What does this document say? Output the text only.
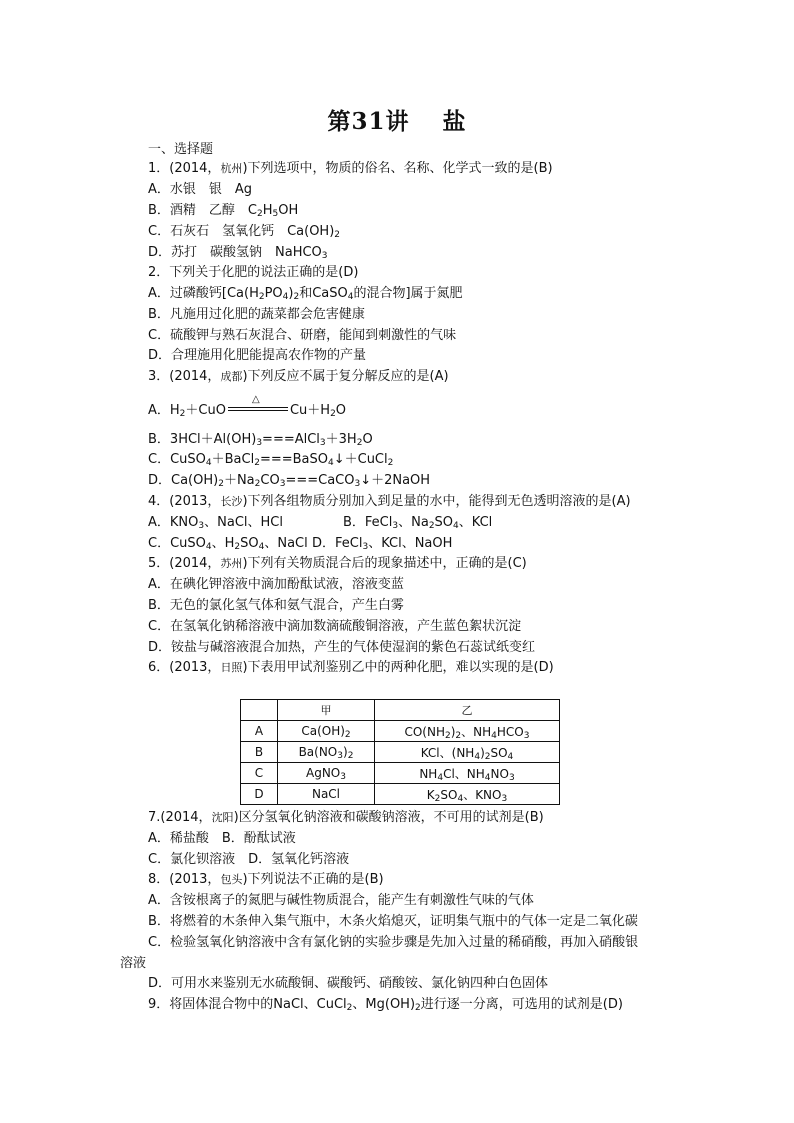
第31讲　 盐
一、选择题
1．(2014，杭州)下列选项中，物质的俗名、名称、化学式一致的是(B)
A．水银　银　Ag
B．酒精　乙醇　$C_2H_5OH$
C．石灰石　氢氧化钙　$Ca(OH)_2$
D．苏打　碳酸氢钠　NaHCO$_3$
2．下列关于化肥的说法正确的是(D)
A．过磷酸钙[$Ca(H_2PO_4)_2$和CaSO$_4$的混合物]属于氮肥
B．凡施用过化肥的蔬菜都会危害健康
C．硫酸钾与熟石灰混合、研磨，能闻到刺激性的气味
D．合理施用化肥能提高农作物的产量
3．(2014，成都)下列反应不属于复分解反应的是(A)
A．$H_2+CuO$
△
$Cu+H_2O$
B．$3HCl+Al(OH)_3===AlCl_3+3H_2O$
C．CuSO$_4$＋BaCl$_2$===BaSO$_4$↓＋CuCl$_2$
D．$Ca(OH)_2+Na_2CO_3===CaCO_3↓+2NaOH$
4．(2013，长沙)下列各组物质分别加入到足量的水中，能得到无色透明溶液的是(A)
A．$KNO_3$、NaCl、HCl	B．FeCl$_3$、$Na_2SO_4$、KCl
C．CuSO$_4$、$H_2SO_4$、NaCl D．FeCl$_3$、KCl、NaOH
5．(2014，苏州)下列有关物质混合后的现象描述中，正确的是(C)
A．在碘化钾溶液中滴加酚酞试液，溶液变蓝
B．无色的氯化氢气体和氨气混合，产生白雾
C．在氢氧化钠稀溶液中滴加数滴硫酸铜溶液，产生蓝色絮状沉淀
D．铵盐与碱溶液混合加热，产生的气体使湿润的紫色石蕊试纸变红
6．(2013，日照)下表用甲试剂鉴别乙中的两种化肥，难以实现的是(D)
	甲	乙
A	$Ca(OH)_2$	$CO(NH_2)_2$、$NH_4HCO_3$
B	$Ba(NO_3)_2$	KCl、$(NH_4)_2SO_4$
C	AgNO$_3$	$NH_4Cl$、$NH_4NO_3$
D	NaCl	$K_2SO_4$、$KNO_3$
7.(2014，沈阳)区分氢氧化钠溶液和碳酸钠溶液，不可用的试剂是(B)
A．稀盐酸　B．酚酞试液
C．氯化钡溶液　D．氢氧化钙溶液
8．(2013，包头)下列说法不正确的是(B)
A．含铵根离子的氮肥与碱性物质混合，能产生有刺激性气味的气体
B．将燃着的木条伸入集气瓶中，木条火焰熄灭，证明集气瓶中的气体一定是二氧化碳
C．检验氢氧化钠溶液中含有氯化钠的实验步骤是先加入过量的稀硝酸，再加入硝酸银
溶液
D．可用水来鉴别无水硫酸铜、碳酸钙、硝酸铵、氯化钠四种白色固体
9．将固体混合物中的NaCl、CuCl$_2$、$Mg(OH)_2$进行逐一分离，可选用的试剂是(D)
